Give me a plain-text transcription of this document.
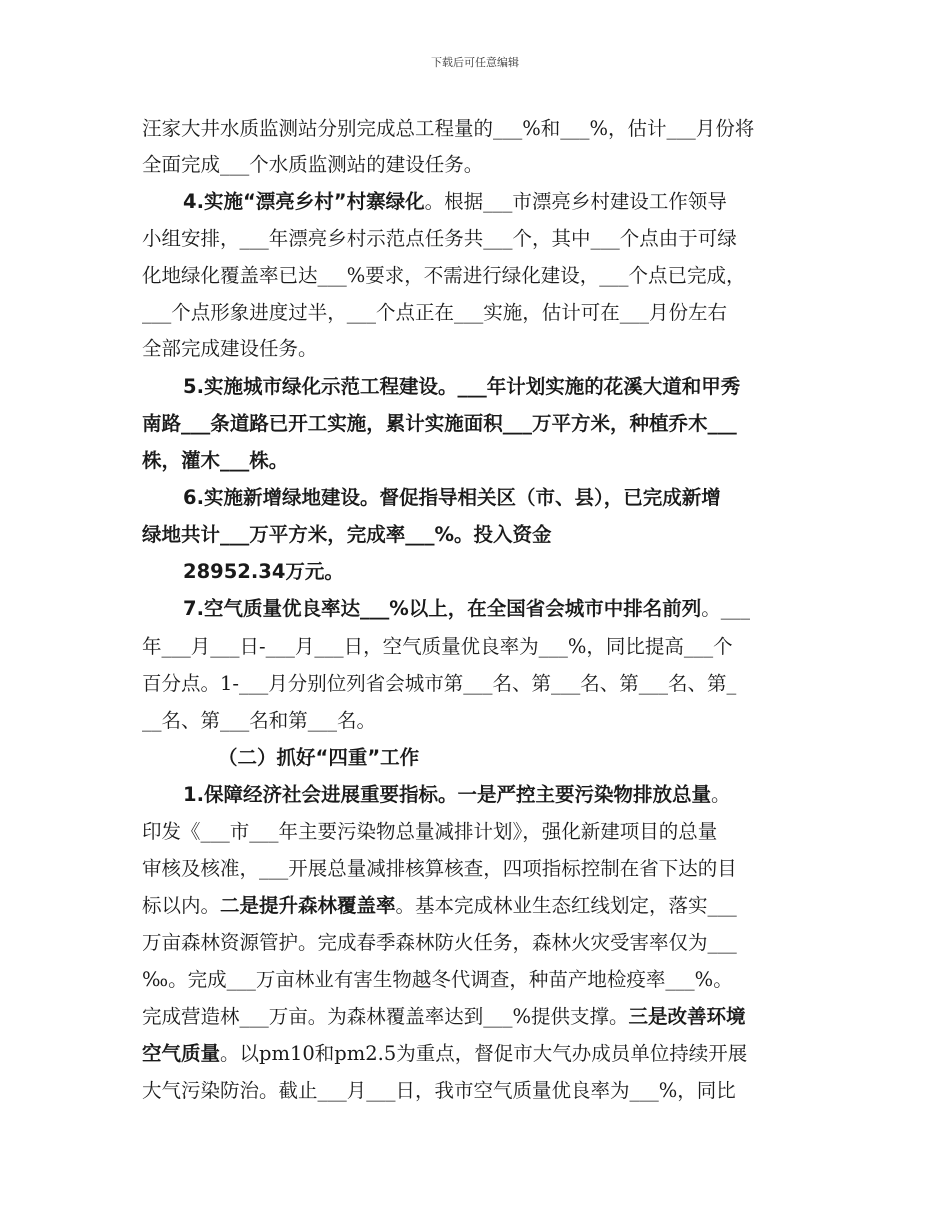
下载后可任意编辑
汪家大井水质监测站分别完成总工程量的___%和___%，估计___月份将
全面完成___个水质监测站的建设任务。
4.实施“漂亮乡村”村寨绿化。根据___市漂亮乡村建设工作领导
小组安排，___年漂亮乡村示范点任务共___个，其中___个点由于可绿
化地绿化覆盖率已达___%要求，不需进行绿化建设，___个点已完成，
___个点形象进度过半，___个点正在___实施，估计可在___月份左右
全部完成建设任务。
5.实施城市绿化示范工程建设。___年计划实施的花溪大道和甲秀
南路___条道路已开工实施，累计实施面积___万平方米，种植乔木___
株，灌木___株。
6.实施新增绿地建设。督促指导相关区（市、县），已完成新增
绿地共计___万平方米，完成率___%。投入资金
28952.34万元。
7.空气质量优良率达___%以上，在全国省会城市中排名前列。___
年___月___日-___月___日，空气质量优良率为___%，同比提高___个
百分点。1-___月分别位列省会城市第___名、第___名、第___名、第_
__名、第___名和第___名。
（二）抓好“四重”工作
1.保障经济社会进展重要指标。一是严控主要污染物排放总量。
印发《___市___年主要污染物总量减排计划》，强化新建项目的总量
审核及核准，___开展总量减排核算核查，四项指标控制在省下达的目
标以内。二是提升森林覆盖率。基本完成林业生态红线划定，落实___
万亩森林资源管护。完成春季森林防火任务，森林火灾受害率仅为___
‰。完成___万亩林业有害生物越冬代调查，种苗产地检疫率___%。
完成营造林___万亩。为森林覆盖率达到___%提供支撑。三是改善环境
空气质量。以pm10和pm2.5为重点，督促市大气办成员单位持续开展
大气污染防治。截止___月___日，我市空气质量优良率为___%，同比
